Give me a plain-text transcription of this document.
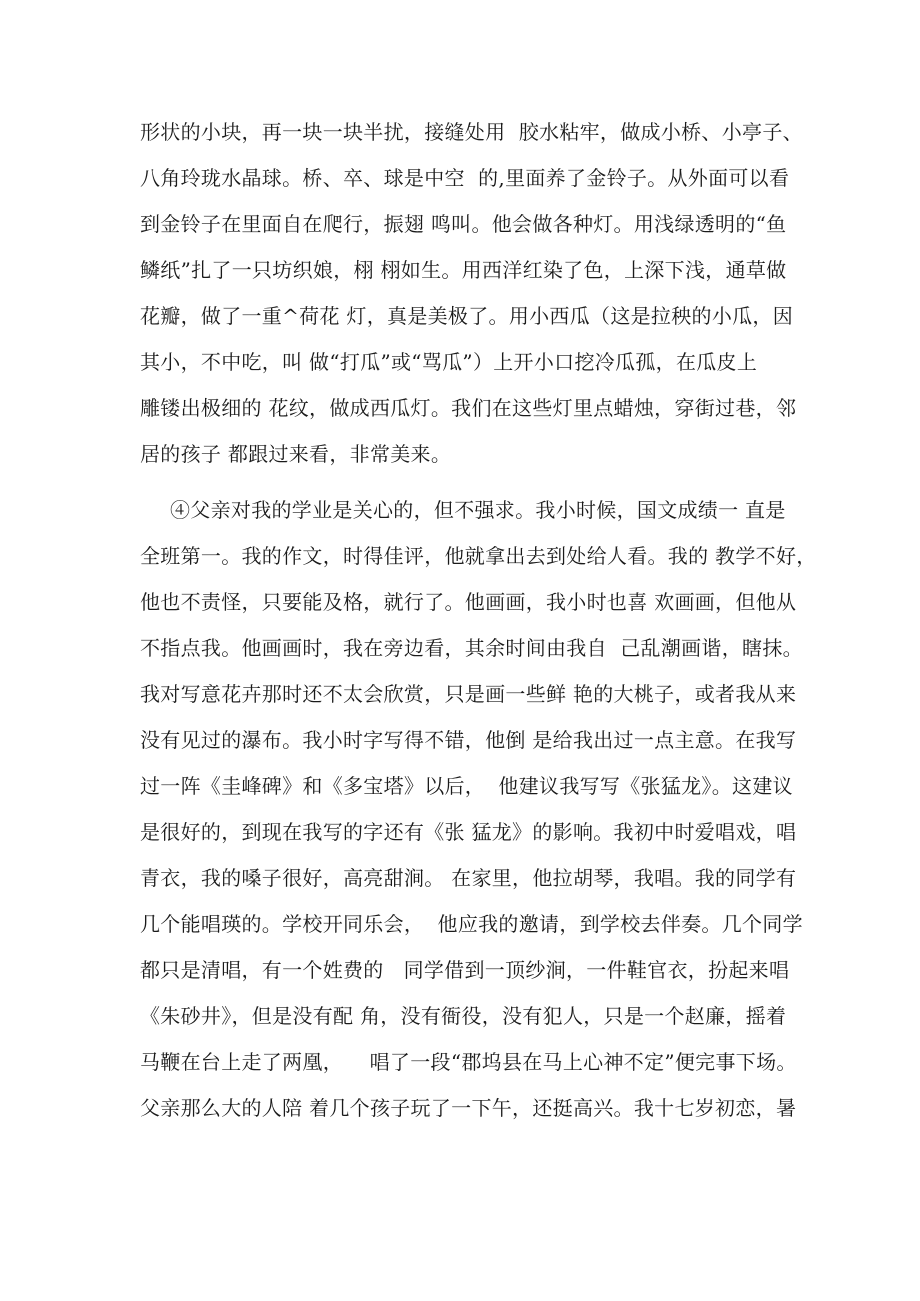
形状的小块，再一块一块半扰，接缝处用  胶水粘牢，做成小桥、小亭子、
八角玲珑水晶球。桥、卒、球是中空  的,里面养了金铃子。从外面可以看
到金铃子在里面自在爬行，振翅 鸣叫。他会做各种灯。用浅绿透明的“鱼
鳞纸”扎了一只坊织娘，栩 栩如生。用西洋红染了色，上深下浅，通草做
花瓣，做了一重^荷花 灯，真是美极了。用小西瓜（这是拉秧的小瓜，因
其小，不中吃，叫 做“打瓜”或“骂瓜”）上开小口挖冷瓜孤，在瓜皮上
雕镂出极细的 花纹，做成西瓜灯。我们在这些灯里点蜡烛，穿街过巷，邻
居的孩子 都跟过来看，非常美来。
④父亲对我的学业是关心的，但不强求。我小时候，国文成绩一 直是
全班第一。我的作文，时得佳评，他就拿出去到处给人看。我的 教学不好，
他也不责怪，只要能及格，就行了。他画画，我小时也喜 欢画画，但他从
不指点我。他画画时，我在旁边看，其余时间由我自  己乱潮画谐，瞎抹。
我对写意花卉那时还不太会欣赏，只是画一些鲜 艳的大桃子，或者我从来
没有见过的瀑布。我小时字写得不错，他倒 是给我出过一点主意。在我写
过一阵《圭峰碑》和《多宝塔》以后，  他建议我写写《张猛龙》。这建议
是很好的，到现在我写的字还有《张 猛龙》的影响。我初中时爱唱戏，唱
青衣，我的嗓子很好，高亮甜涧。 在家里，他拉胡琴，我唱。我的同学有
几个能唱瑛的。学校开同乐会，  他应我的邀请，到学校去伴奏。几个同学
都只是清唱，有一个姓费的   同学借到一顶纱涧，一件鞋官衣，扮起来唱
《朱砂井》，但是没有配 角，没有衙役，没有犯人，只是一个赵廉，摇着
马鞭在台上走了两凰，    唱了一段“郡坞县在马上心神不定”便完事下场。
父亲那么大的人陪 着几个孩子玩了一下午，还挺高兴。我十七岁初恋，暑
